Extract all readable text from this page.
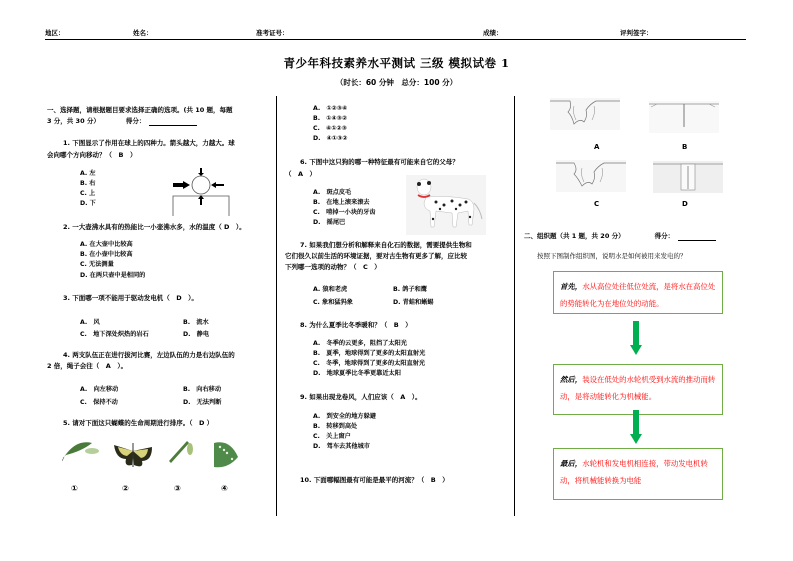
地区：	姓名：	准考证号：	成绩：	评判签字：
青少年科技素养水平测试 三级 模拟试卷 1
（时长：60 分钟　总分：100 分）
一、选择题，请根据题目要求选择正确的选项。(共 10 题，每题
3 分，共 30 分）	得分：
1. 下图显示了作用在球上的四种力。箭头越大，力越大。球
会向哪个方向移动？（　B　）
A. 左
B. 右
C. 上
D. 下
2. 一大壶沸水具有的热能比一小壶沸水多，水的温度（ D　）。
A. 在大壶中比较高
B. 在小壶中比较高
C. 无法测量
D. 在两只壶中是相同的
3. 下面哪一项不能用于驱动发电机（　D　）。
A.　风	B.　流水
C.　地下深处炽热的岩石	D.　静电
4. 两支队伍正在进行拔河比赛，左边队伍的力是右边队伍的
2 倍，绳子会往（　A　）。
A.　向左移动	B.　向右移动
C.　保持不动	D.　无法判断
5. 请对下面这只蝴蝶的生命周期进行排序。（　D ）
①	②	③	④
A.　①②③④
B.　①④③②
C.　④①②③
D.　④①③②
6. 下图中这只狗的哪一种特征最有可能来自它的父母？
（　A　）
A.　斑点皮毛
B.　在地上滚来滚去
C.　啃掉一小块的牙齿
D.　摇尾巴
7. 如果我们想分析和解释来自化石的数据，需要提供生物和
它们很久以前生活的环境证据，要对古生物有更多了解，应比较
下列哪一选项的动物？（　C　）
A. 狼和老虎	B. 鸽子和鹰
C. 象和猛犸象	D. 青蛙和蜥蜴
8. 为什么夏季比冬季暖和？（　B　）
A.　冬季的云更多，阻挡了太阳光
B.　夏季，地球得到了更多的太阳直射光
C.　冬季，地球得到了更多的太阳直射光
D.　地球夏季比冬季更靠近太阳
9. 如果出现龙卷风，人们应该（　A　）。
A.　到安全的地方躲避
B.　转移到高处
C.　关上窗户
D.　驾车去其他城市
10. 下面哪幅图最有可能是最平的河流？（　B　）
A	B
C	D
二、组织题（共 1 题，共 20 分）	得分：
按照下图制作组织图，说明水是如何被用来发电的？
首先，水从高位处往低位处流，是将水在高位处的势能转化为在地位处的动能。
然后，装设在低处的水轮机受到水流的推动而转动，是将动能转化为机械能。
最后，水轮机和发电机相连接，带动发电机转动，将机械能转换为电能
